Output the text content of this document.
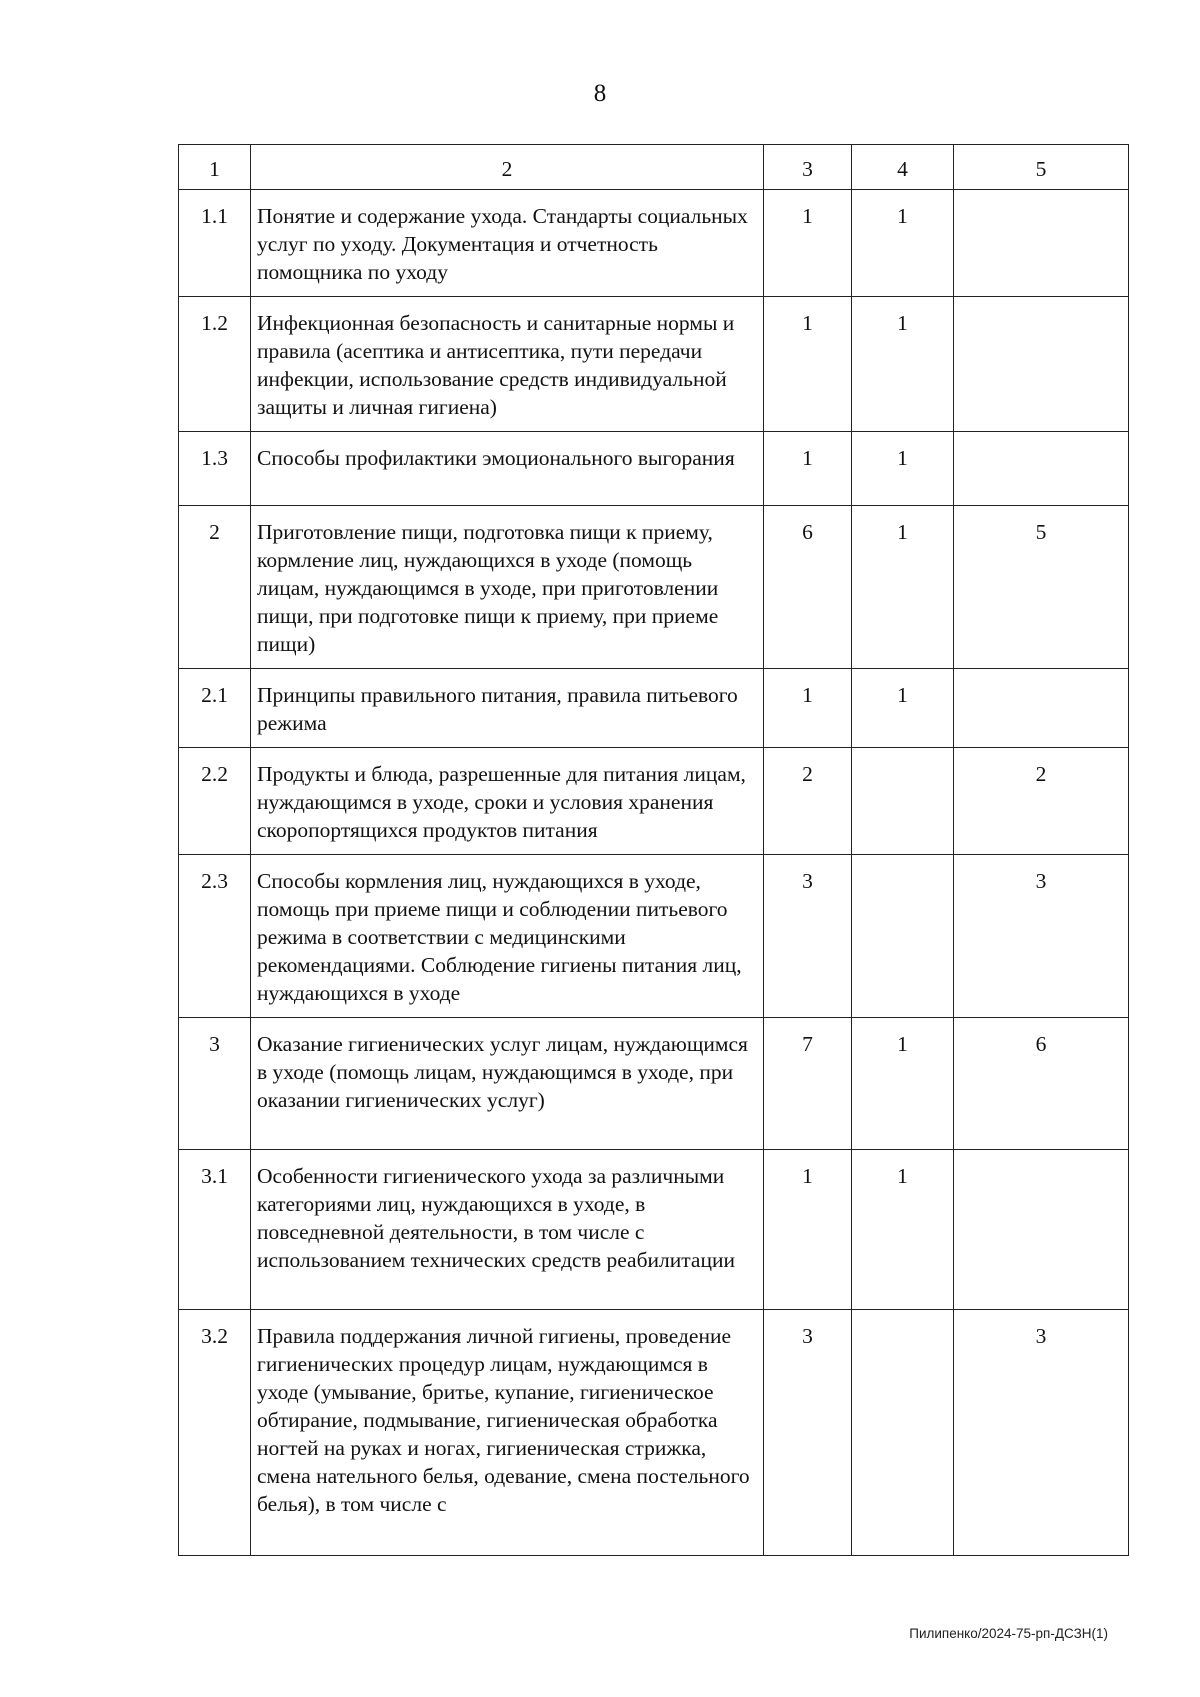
8
1	2	3	4	5
1.1	Понятие и содержание ухода. Стандарты социальных услуг по уходу. Документация и отчетность помощника по уходу	1	1	
1.2	Инфекционная безопасность и санитарные нормы и правила (асептика и антисептика, пути передачи инфекции, использование средств индивидуальной защиты и личная гигиена)	1	1	
1.3	Способы профилактики эмоционального выгорания	1	1	
2	Приготовление пищи, подготовка пищи к приему, кормление лиц, нуждающихся в уходе (помощь лицам, нуждающимся в уходе, при приготовлении пищи, при подготовке пищи к приему, при приеме пищи)	6	1	5
2.1	Принципы правильного питания, правила питьевого режима	1	1	
2.2	Продукты и блюда, разрешенные для питания лицам, нуждающимся в уходе, сроки и условия хранения скоропортящихся продуктов питания	2		2
2.3	Способы кормления лиц, нуждающихся в уходе, помощь при приеме пищи и соблюдении питьевого режима в соответствии с медицинскими рекомендациями. Соблюдение гигиены питания лиц, нуждающихся в уходе	3		3
3	Оказание гигиенических услуг лицам, нуждающимся в уходе (помощь лицам, нуждающимся в уходе, при оказании гигиенических услуг)	7	1	6
3.1	Особенности гигиенического ухода за различными категориями лиц, нуждающихся в уходе, в повседневной деятельности, в том числе с использованием технических средств реабилитации	1	1	
3.2	Правила поддержания личной гигиены, проведение гигиенических процедур лицам, нуждающимся в уходе (умывание, бритье, купание, гигиеническое обтирание, подмывание, гигиеническая обработка ногтей на руках и ногах, гигиеническая стрижка, смена нательного белья, одевание, смена постельного белья), в том числе с	3		3
Пилипенко/2024-75-рп-ДСЗН(1)
